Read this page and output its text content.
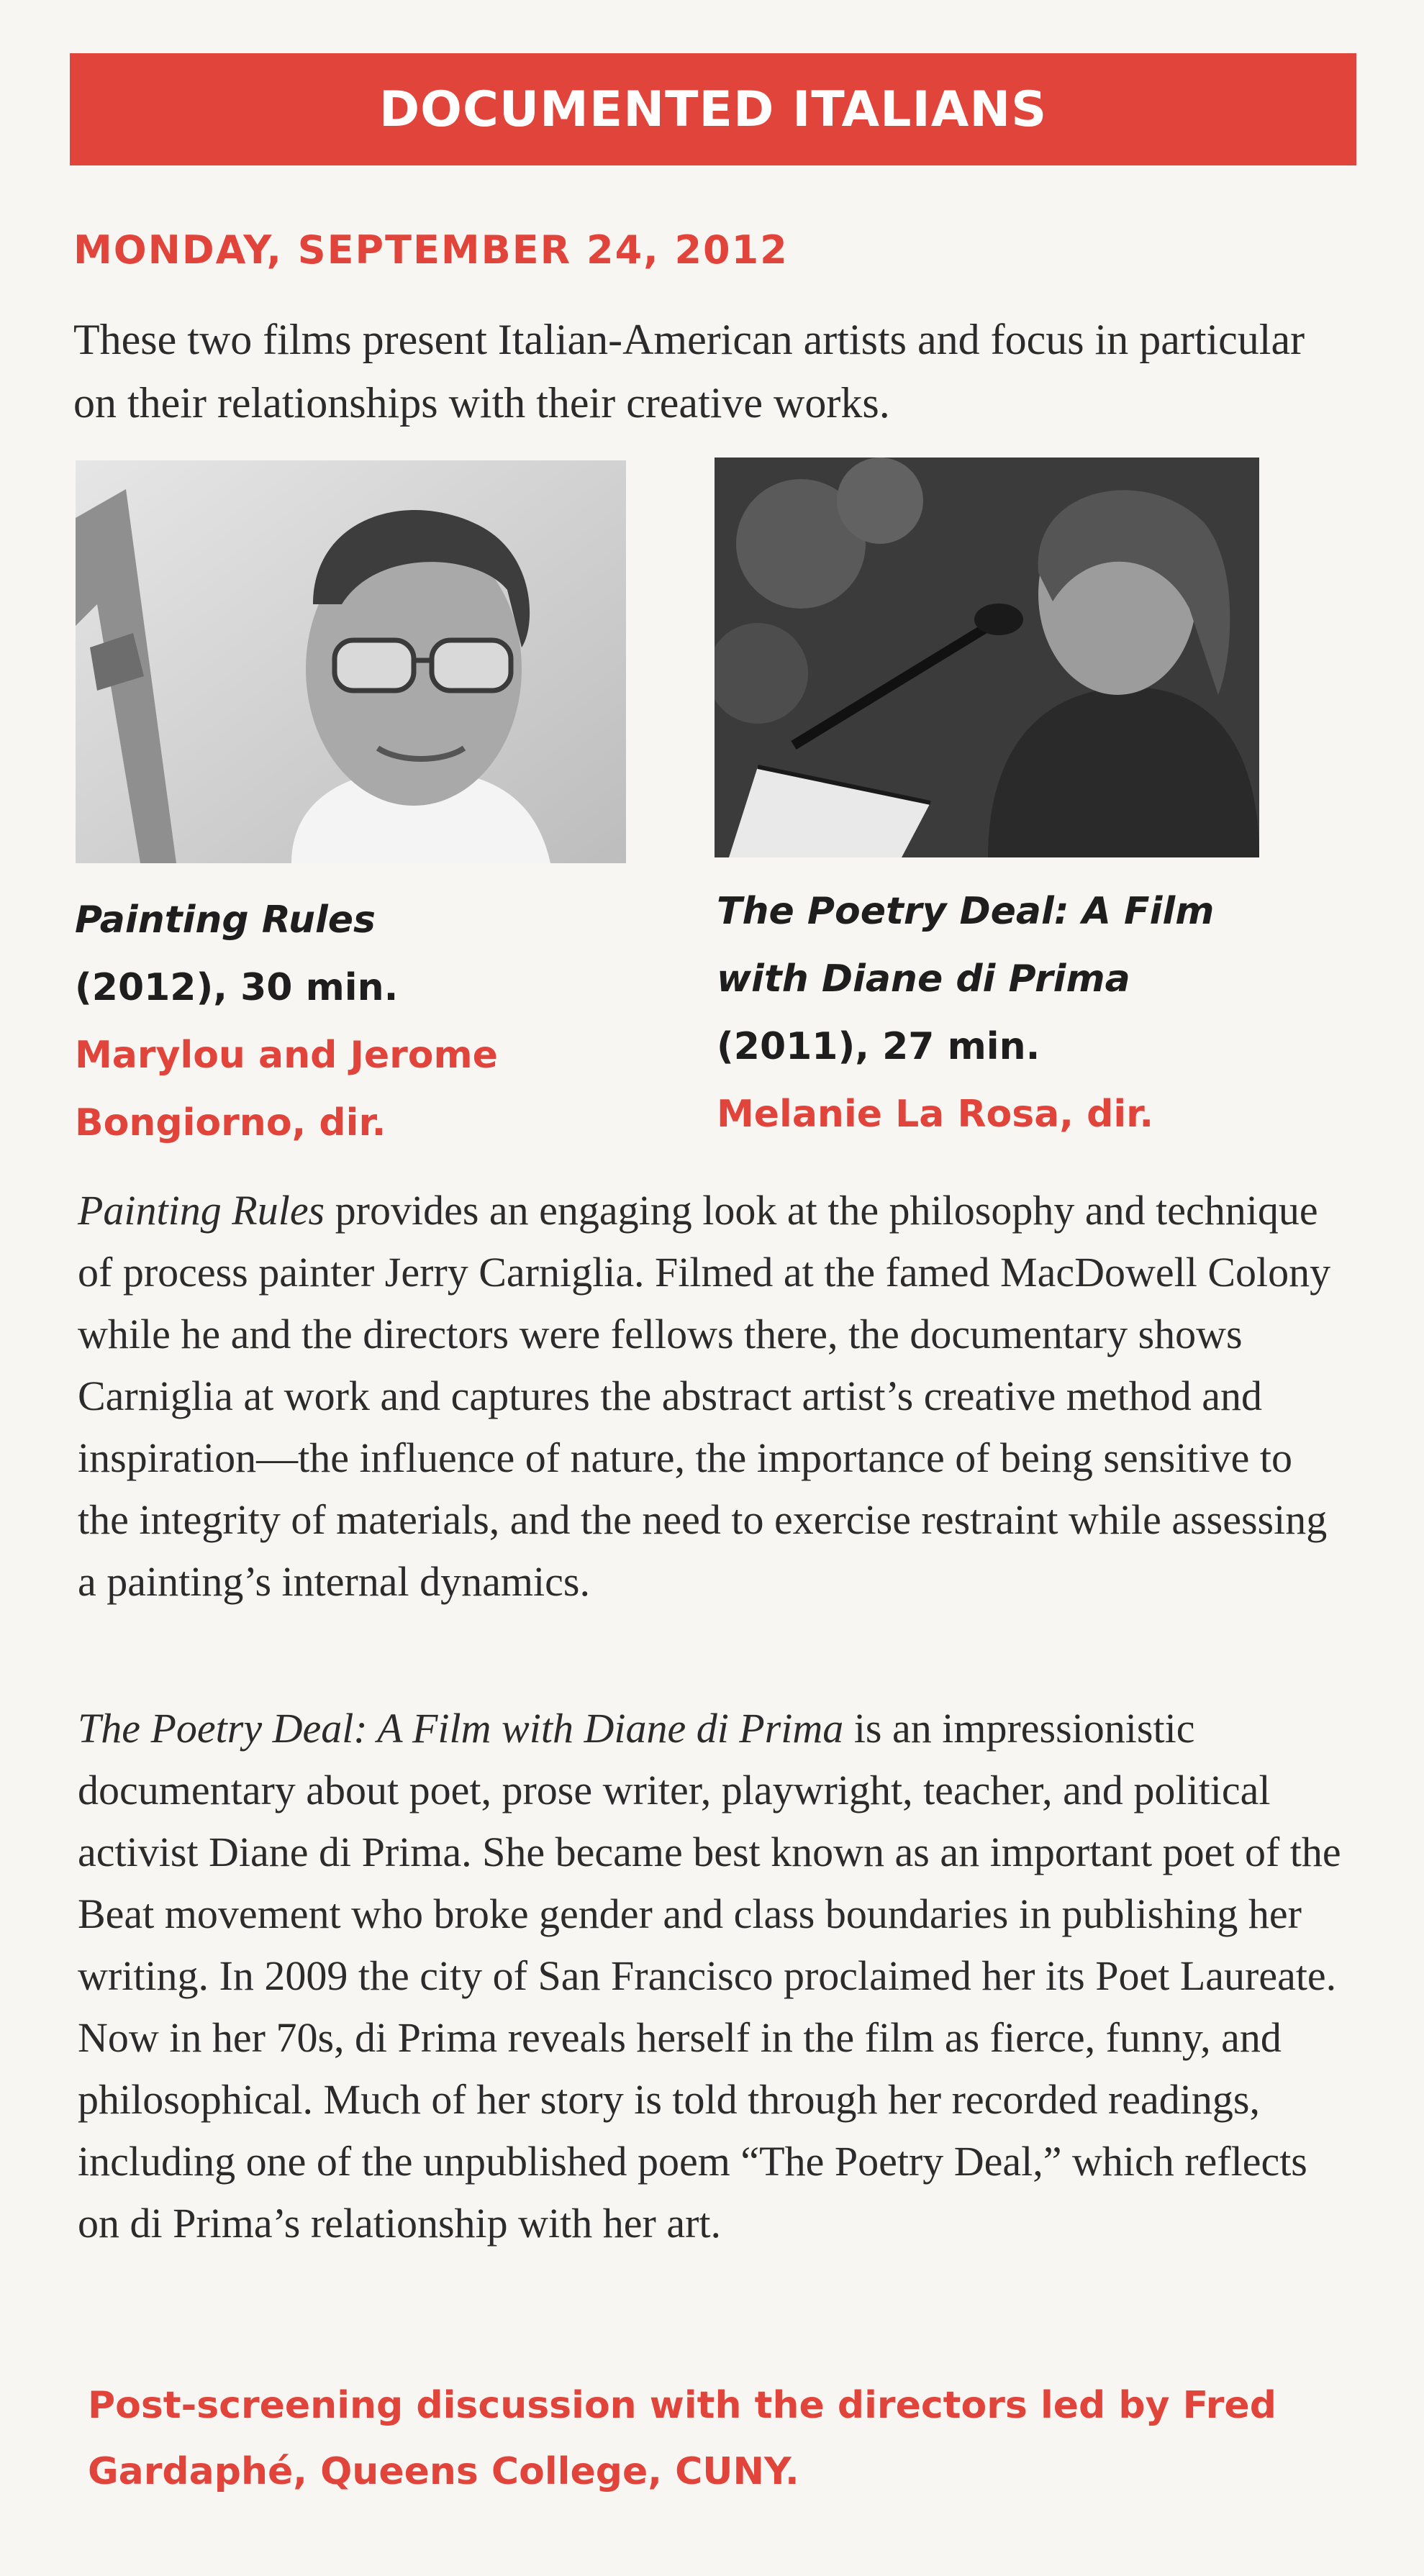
DOCUMENTED ITALIANS
MONDAY, SEPTEMBER 24, 2012

These two films present Italian-American artists and focus in particular on their relationships with their creative works.

Painting Rules
(2012), 30 min.
Marylou and Jerome
Bongiorno, dir.
The Poetry Deal: A Film
with Diane di Prima
(2011), 27 min.
Melanie La Rosa, dir.

Painting Rules provides an engaging look at the philosophy and technique of process painter Jerry Carniglia. Filmed at the famed MacDowell Colony while he and the directors were fellows there, the documentary shows Carniglia at work and captures the abstract artist’s creative method and inspiration—the influence of nature, the importance of being sensitive to the integrity of materials, and the need to exercise restraint while assessing a painting’s internal dynamics.

The Poetry Deal: A Film with Diane di Prima is an impressionistic documentary about poet, prose writer, playwright, teacher, and political activist Diane di Prima. She became best known as an important poet of the Beat movement who broke gender and class boundaries in publishing her writing. In 2009 the city of San Francisco proclaimed her its Poet Laureate. Now in her 70s, di Prima reveals herself in the film as fierce, funny, and philosophical. Much of her story is told through her recorded readings, including one of the unpublished poem “The Poetry Deal,” which reflects on di Prima’s relationship with her art.

Post-screening discussion with the directors led by Fred Gardaphé, Queens College, CUNY.
